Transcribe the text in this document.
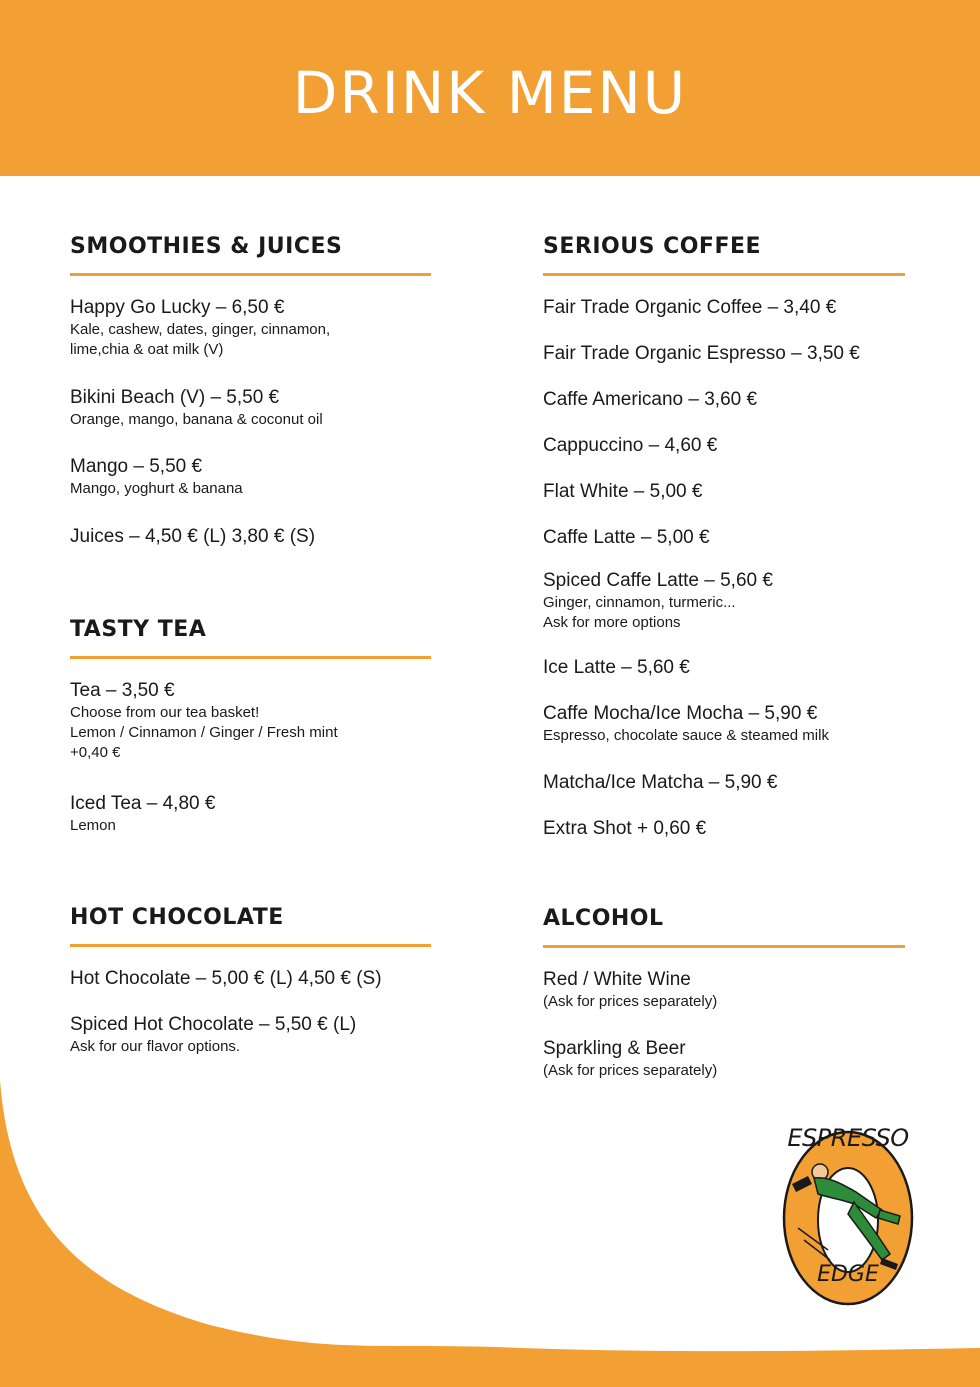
DRINK MENU
SMOOTHIES & JUICES
Happy Go Lucky – 6,50 €
Kale, cashew, dates, ginger, cinnamon,
lime,chia & oat milk (V)
Bikini Beach (V) – 5,50 €
Orange, mango, banana & coconut oil
Mango – 5,50 €
Mango, yoghurt & banana
Juices – 4,50 € (L) 3,80 € (S)
TASTY TEA
Tea – 3,50 €
Choose from our tea basket!
Lemon / Cinnamon / Ginger / Fresh mint
+0,40 €
Iced Tea – 4,80 €
Lemon
HOT CHOCOLATE
Hot Chocolate – 5,00 € (L) 4,50 € (S)
Spiced Hot Chocolate – 5,50 € (L)
Ask for our flavor options.
SERIOUS COFFEE
Fair Trade Organic Coffee – 3,40 €
Fair Trade Organic Espresso – 3,50 €
Caffe Americano – 3,60 €
Cappuccino – 4,60 €
Flat White – 5,00 €
Caffe Latte – 5,00 €
Spiced Caffe Latte – 5,60 €
Ginger, cinnamon, turmeric...
Ask for more options
Ice Latte – 5,60 €
Caffe Mocha/Ice Mocha – 5,90 €
Espresso, chocolate sauce & steamed milk
Matcha/Ice Matcha – 5,90 €
Extra Shot + 0,60 €
ALCOHOL
Red / White Wine
(Ask for prices separately)
Sparkling & Beer
(Ask for prices separately)
ESPRESSO
EDGE
